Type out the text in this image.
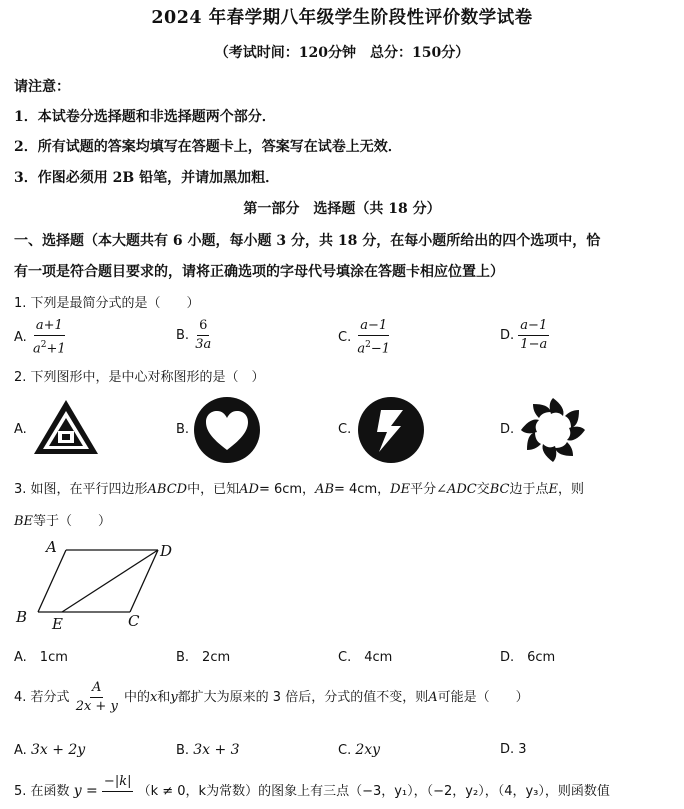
2024 年春学期八年级学生阶段性评价数学试卷
（考试时间：120分钟　总分：150分）
请注意：
1．本试卷分选择题和非选择题两个部分．
2．所有试题的答案均填写在答题卡上，答案写在试卷上无效．
3．作图必须用 2B 铅笔，并请加黑加粗．
第一部分　选择题（共 18 分）
一、选择题（本大题共有 6 小题，每小题 3 分，共 18 分，在每小题所给出的四个选项中，恰
有一项是符合题目要求的，请将正确选项的字母代号填涂在答题卡相应位置上）
1. 下列是最简分式的是（　　）
A. $\frac{a+1}{a^2+1}$	B. $\frac{6}{3a}$	C. $\frac{a-1}{a^2-1}$	D. $\frac{a-1}{1-a}$
2. 下列图形中，是中心对称图形的是（　）
A.	B.	C.	D.
3. 如图，在平行四边形ABCD中，已知AD= 6cm，AB= 4cm，DE平分∠ADC交BC边于点E，则
BE等于（　　）
A	D
B E	C
A.　1cm	B.　2cm	C.　4cm	D.　6cm
4. 若分式 $\frac{A}{2x + y}$ 中的x和y都扩大为原来的 3 倍后，分式的值不变，则A可能是（　　）
A. 3x + 2y	B. 3x + 3	C. 2xy	D. 3
5. 在函数 y =
−|k|

（k ≠ 0，k为常数）的图象上有三点（−3，y₁），（−2，y₂），（4，y₃），则函数值
